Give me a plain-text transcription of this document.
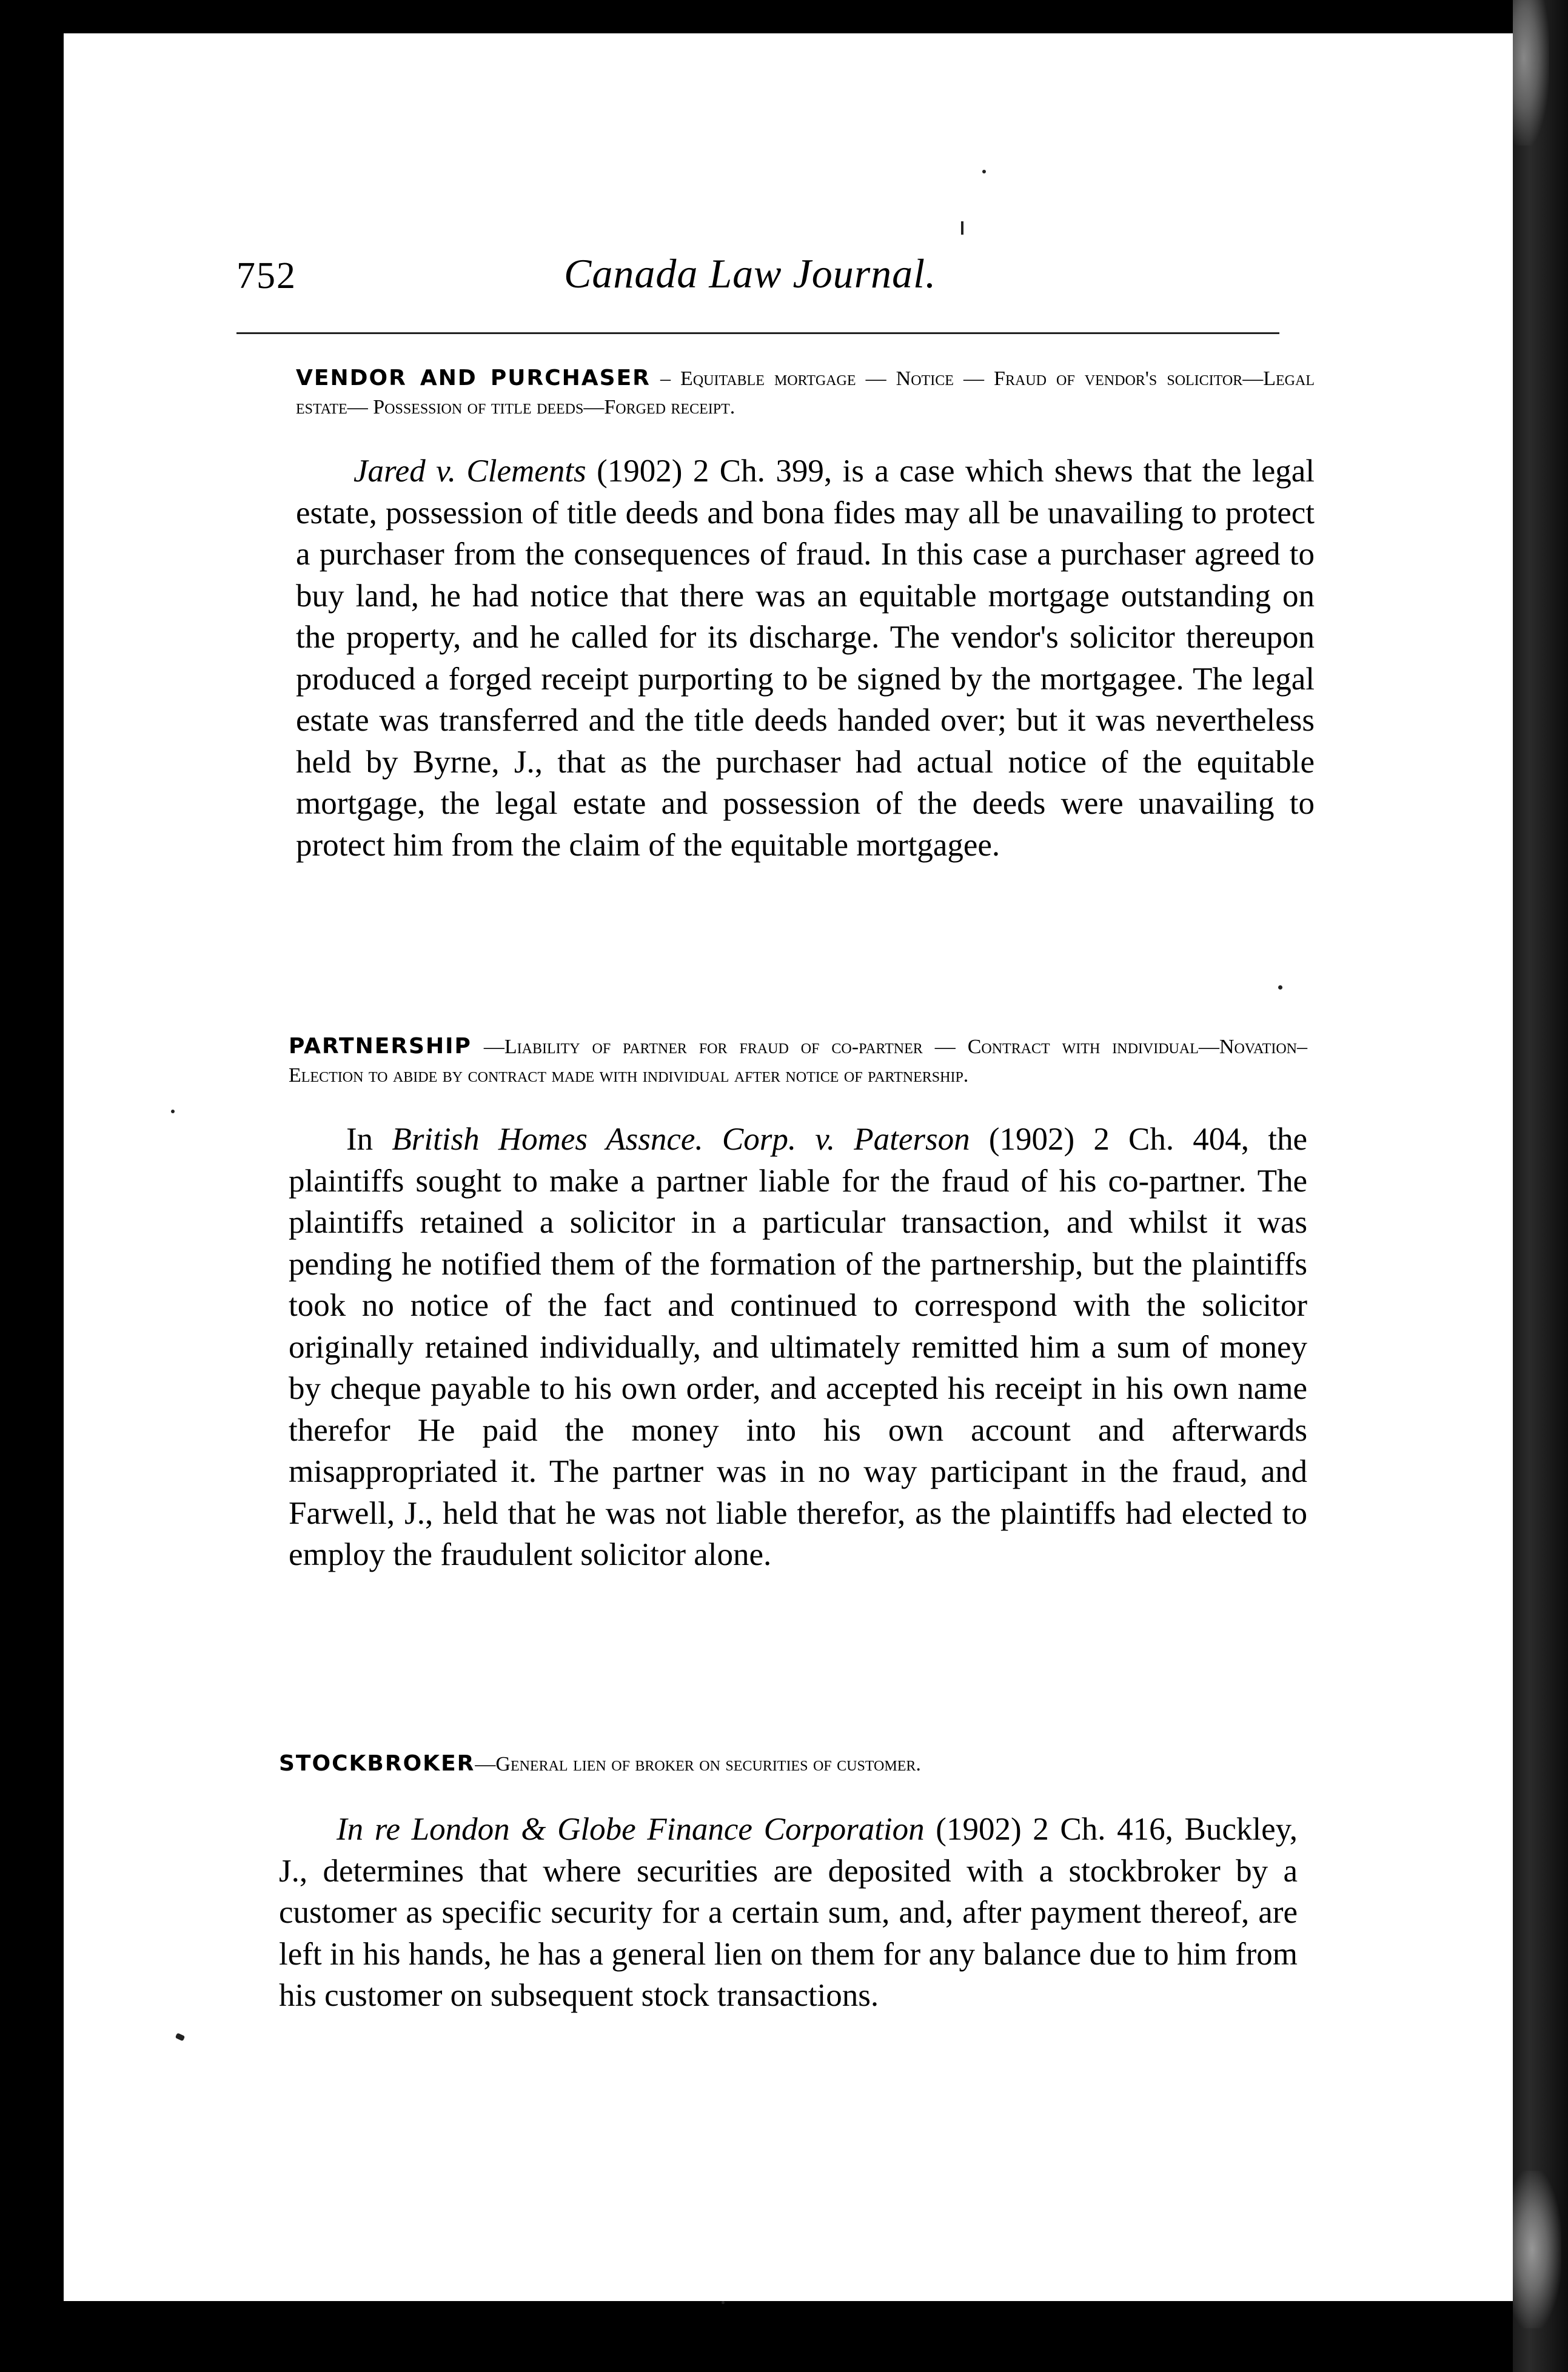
752	Canada Law Journal.

VENDOR AND PURCHASER – Equitable mortgage — Notice — Fraud of vendor's solicitor—Legal estate— Possession of title deeds—Forged receipt.

Jared v. Clements (1902) 2 Ch. 399, is a case which shews that the legal estate, possession of title deeds and bona fides may all be unavailing to protect a purchaser from the consequences of fraud. In this case a purchaser agreed to buy land, he had notice that there was an equitable mortgage outstanding on the property, and he called for its discharge. The vendor's solicitor thereupon produced a forged receipt purporting to be signed by the mortgagee. The legal estate was transferred and the title deeds handed over; but it was nevertheless held by Byrne, J., that as the purchaser had actual notice of the equitable mortgage, the legal estate and possession of the deeds were unavailing to protect him from the claim of the equitable mortgagee.

PARTNERSHIP —Liability of partner for fraud of co-partner — Contract with individual—Novation– Election to abide by contract made with individual after notice of partnership.

In British Homes Assnce. Corp. v. Paterson (1902) 2 Ch. 404, the plaintiffs sought to make a partner liable for the fraud of his co-partner. The plaintiffs retained a solicitor in a particular transaction, and whilst it was pending he notified them of the formation of the partnership, but the plaintiffs took no notice of the fact and continued to correspond with the solicitor originally retained individually, and ultimately remitted him a sum of money by cheque payable to his own order, and accepted his receipt in his own name therefor He paid the money into his own account and afterwards misappropriated it. The partner was in no way participant in the fraud, and Farwell, J., held that he was not liable therefor, as the plaintiffs had elected to employ the fraudulent solicitor alone.

STOCKBROKER—General lien of broker on securities of customer.

In re London & Globe Finance Corporation (1902) 2 Ch. 416, Buckley, J., determines that where securities are deposited with a stockbroker by a customer as specific security for a certain sum, and, after payment thereof, are left in his hands, he has a general lien on them for any balance due to him from his customer on subsequent stock transactions.
